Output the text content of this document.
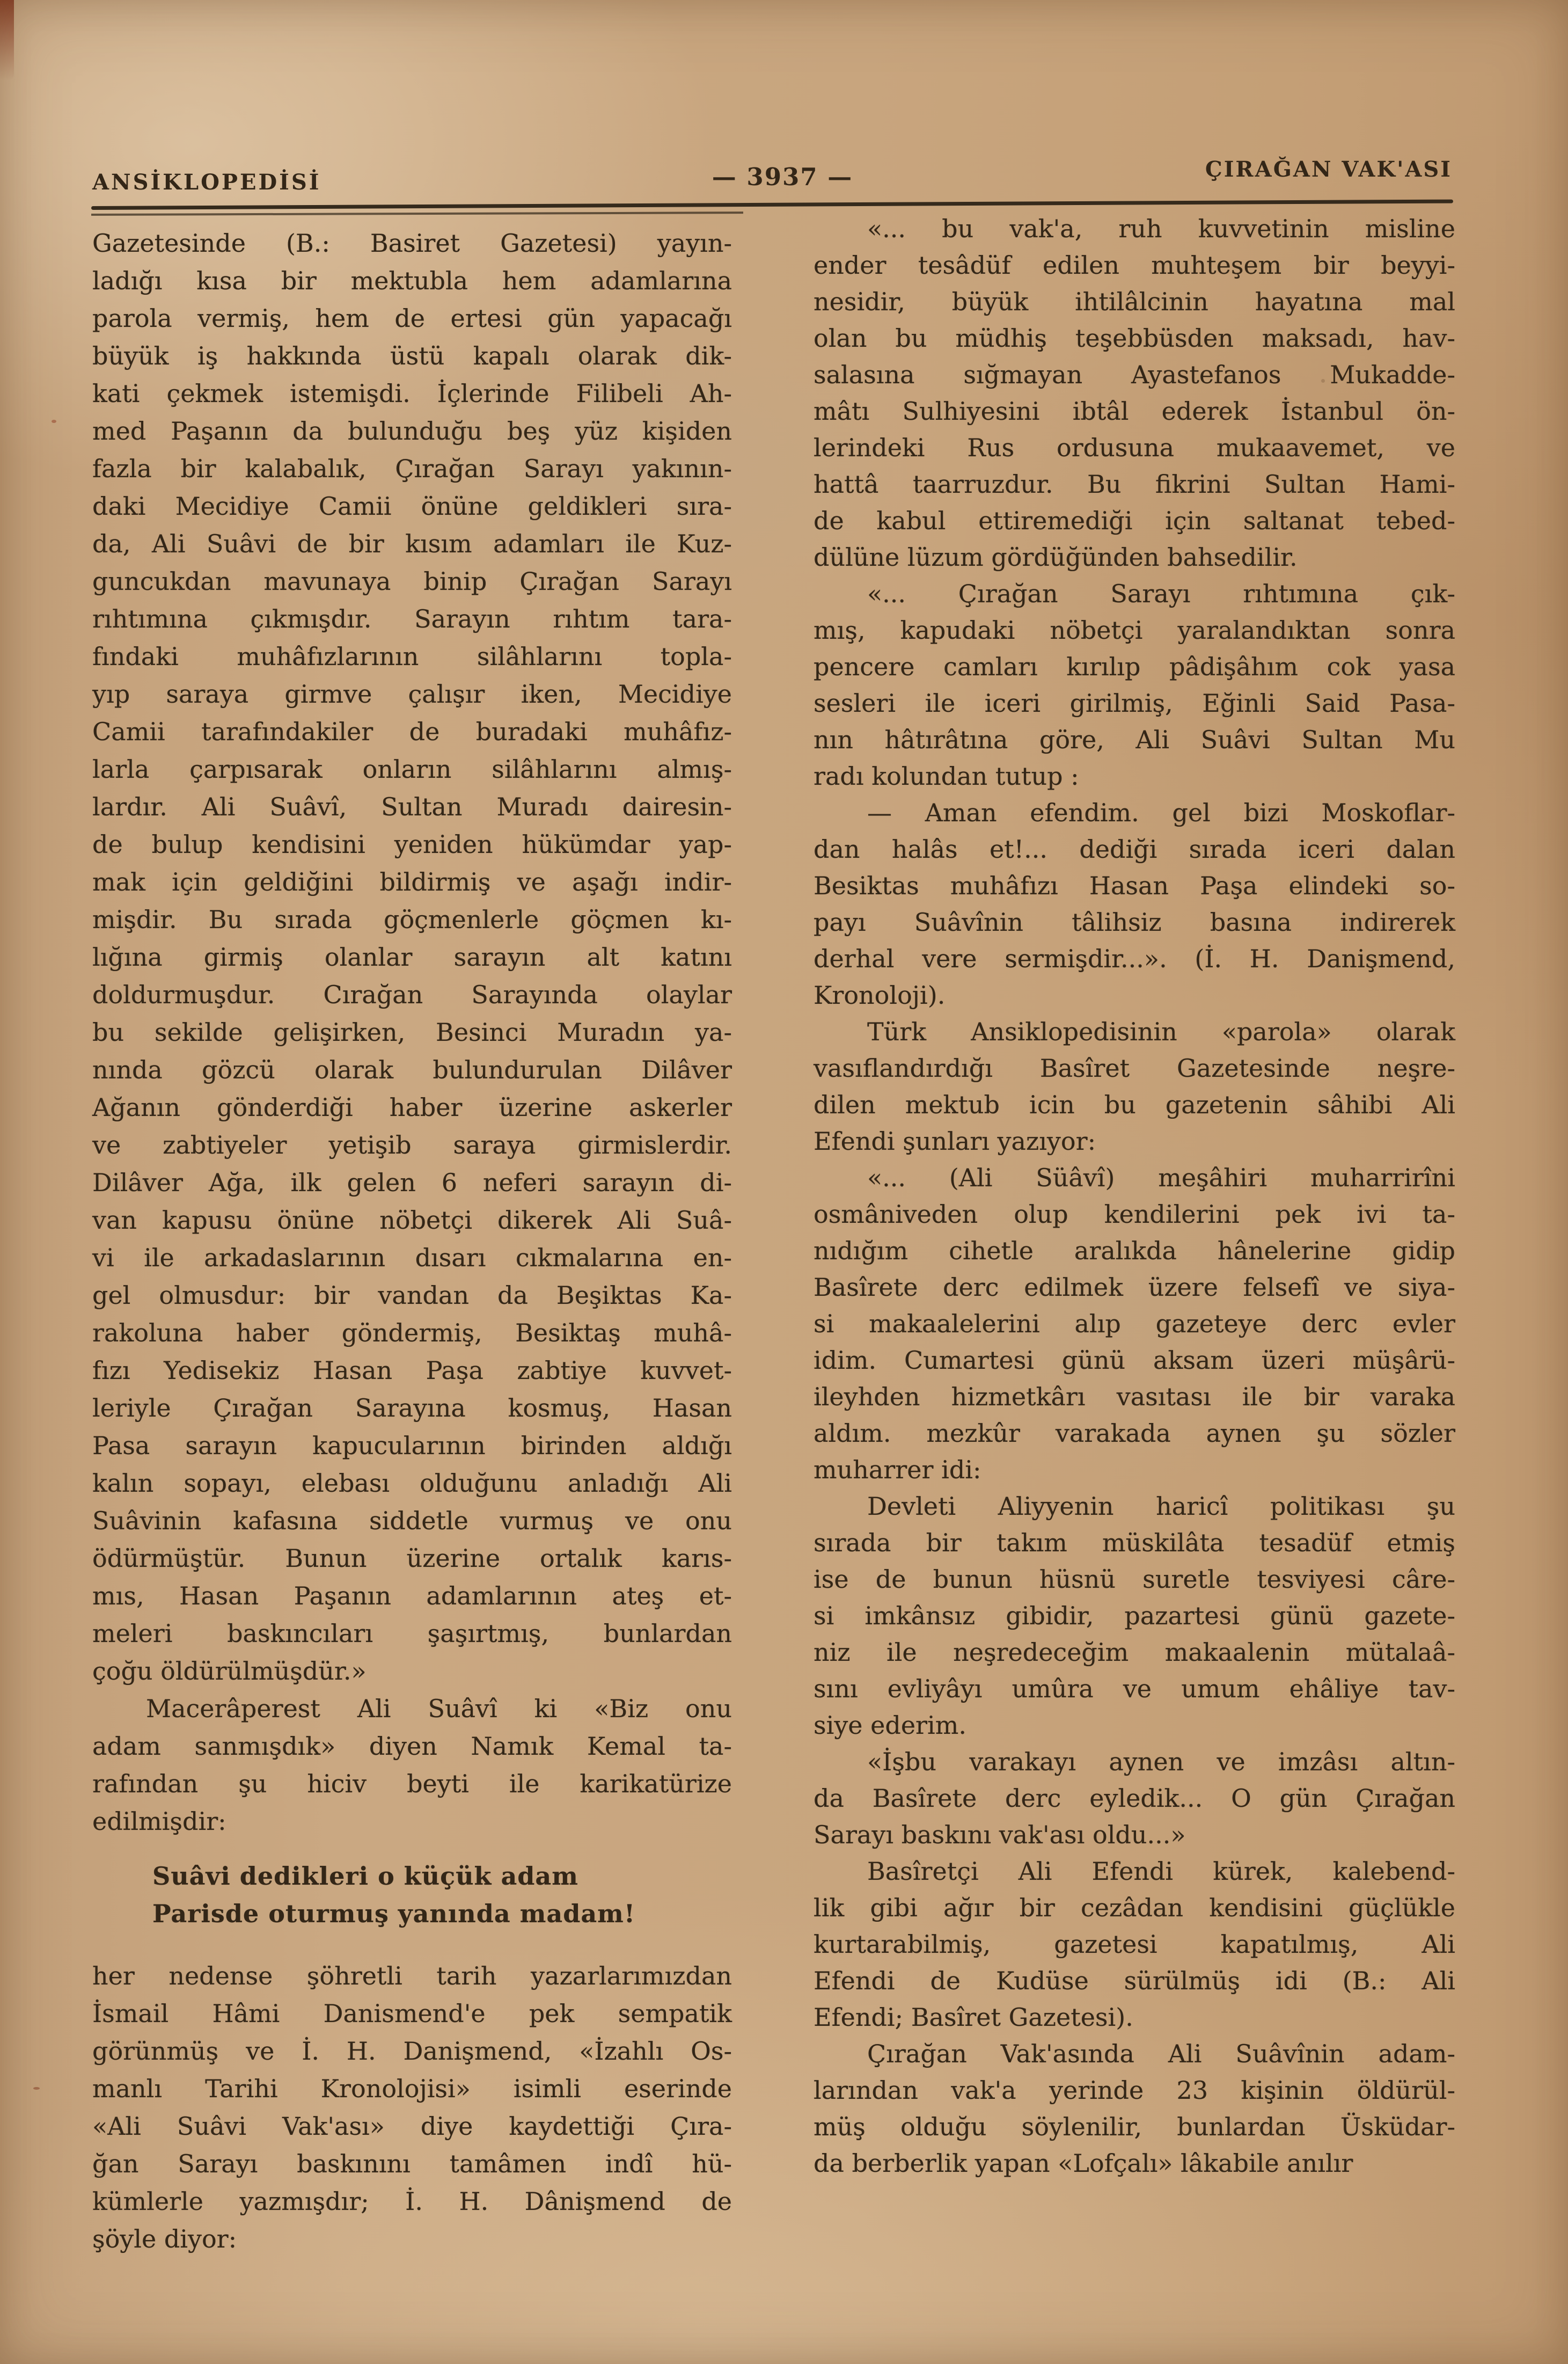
ANSİKLOPEDİSİ	— 3937 —	ÇIRAĞAN VAK'ASI
Gazetesinde (B.: Basiret Gazetesi) yayın-
ladığı kısa bir mektubla hem adamlarına
parola vermiş, hem de ertesi gün yapacağı
büyük iş hakkında üstü kapalı olarak dik-
kati çekmek istemişdi. İçlerinde Filibeli Ah-
med Paşanın da bulunduğu beş yüz kişiden
fazla bir kalabalık, Çırağan Sarayı yakının-
daki Mecidiye Camii önüne geldikleri sıra-
da, Ali Suâvi de bir kısım adamları ile Kuz-
guncukdan mavunaya binip Çırağan Sarayı
rıhtımına çıkmışdır. Sarayın rıhtım tara-
fındaki muhâfızlarının silâhlarını topla-
yıp saraya girmve çalışır iken, Mecidiye
Camii tarafındakiler de buradaki muhâfız-
larla çarpısarak onların silâhlarını almış-
lardır. Ali Suâvî, Sultan Muradı dairesin-
de bulup kendisini yeniden hükümdar yap-
mak için geldiğini bildirmiş ve aşağı indir-
mişdir. Bu sırada göçmenlerle göçmen kı-
lığına girmiş olanlar sarayın alt katını
doldurmuşdur. Cırağan Sarayında olaylar
bu sekilde gelişirken, Besinci Muradın ya-
nında gözcü olarak bulundurulan Dilâver
Ağanın gönderdiği haber üzerine askerler
ve zabtiyeler yetişib saraya girmislerdir.
Dilâver Ağa, ilk gelen 6 neferi sarayın di-
van kapusu önüne nöbetçi dikerek Ali Suâ-
vi ile arkadaslarının dısarı cıkmalarına en-
gel olmusdur: bir vandan da Beşiktas Ka-
rakoluna haber göndermiş, Besiktaş muhâ-
fızı Yedisekiz Hasan Paşa zabtiye kuvvet-
leriyle Çırağan Sarayına kosmuş, Hasan
Pasa sarayın kapucularının birinden aldığı
kalın sopayı, elebası olduğunu anladığı Ali
Suâvinin kafasına siddetle vurmuş ve onu
ödürmüştür. Bunun üzerine ortalık karıs-
mıs, Hasan Paşanın adamlarının ateş et-
meleri baskıncıları şaşırtmış, bunlardan
çoğu öldürülmüşdür.»
Macerâperest Ali Suâvî ki «Biz onu
adam sanmışdık» diyen Namık Kemal ta-
rafından şu hiciv beyti ile karikatürize
edilmişdir:
Suâvi dedikleri o küçük adam
Parisde oturmuş yanında madam!
her nedense şöhretli tarih yazarlarımızdan
İsmail Hâmi Danismend'e pek sempatik
görünmüş ve İ. H. Danişmend, «İzahlı Os-
manlı Tarihi Kronolojisi» isimli eserinde
«Ali Suâvi Vak'ası» diye kaydettiği Çıra-
ğan Sarayı baskınını tamâmen indî hü-
kümlerle yazmışdır; İ. H. Dânişmend de
şöyle diyor:
«... bu vak'a, ruh kuvvetinin misline
ender tesâdüf edilen muhteşem bir beyyi-
nesidir, büyük ihtilâlcinin hayatına mal
olan bu müdhiş teşebbüsden maksadı, hav-
salasına sığmayan Ayastefanos Mukadde-
mâtı Sulhiyesini ibtâl ederek İstanbul ön-
lerindeki Rus ordusuna mukaavemet, ve
hattâ taarruzdur. Bu fikrini Sultan Hami-
de kabul ettiremediği için saltanat tebed-
dülüne lüzum gördüğünden bahsedilir.
«... Çırağan Sarayı rıhtımına çık-
mış, kapudaki nöbetçi yaralandıktan sonra
pencere camları kırılıp pâdişâhım cok yasa
sesleri ile iceri girilmiş, Eğinli Said Pasa-
nın hâtırâtına göre, Ali Suâvi Sultan Mu
radı kolundan tutup :
— Aman efendim. gel bizi Moskoflar-
dan halâs et!... dediği sırada iceri dalan
Besiktas muhâfızı Hasan Paşa elindeki so-
payı Suâvînin tâlihsiz basına indirerek
derhal vere sermişdir...». (İ. H. Danişmend,
Kronoloji).
Türk Ansiklopedisinin «parola» olarak
vasıflandırdığı Basîret Gazetesinde neşre-
dilen mektub icin bu gazetenin sâhibi Ali
Efendi şunları yazıyor:
«... (Ali Süâvî) meşâhiri muharrirîni
osmâniveden olup kendilerini pek ivi ta-
nıdığım cihetle aralıkda hânelerine gidip
Basîrete derc edilmek üzere felsefî ve siya-
si makaalelerini alıp gazeteye derc evler
idim. Cumartesi günü aksam üzeri müşârü-
ileyhden hizmetkârı vasıtası ile bir varaka
aldım. mezkûr varakada aynen şu sözler
muharrer idi:
Devleti Aliyyenin haricî politikası şu
sırada bir takım müskilâta tesadüf etmiş
ise de bunun hüsnü suretle tesviyesi câre-
si imkânsız gibidir, pazartesi günü gazete-
niz ile neşredeceğim makaalenin mütalaâ-
sını evliyâyı umûra ve umum ehâliye tav-
siye ederim.
«İşbu varakayı aynen ve imzâsı altın-
da Basîrete derc eyledik... O gün Çırağan
Sarayı baskını vak'ası oldu...»
Basîretçi Ali Efendi kürek, kalebend-
lik gibi ağır bir cezâdan kendisini güçlükle
kurtarabilmiş, gazetesi kapatılmış, Ali
Efendi de Kudüse sürülmüş idi (B.: Ali
Efendi; Basîret Gazetesi).
Çırağan Vak'asında Ali Suâvînin adam-
larından vak'a yerinde 23 kişinin öldürül-
müş olduğu söylenilir, bunlardan Üsküdar-
da berberlik yapan «Lofçalı» lâkabile anılır
